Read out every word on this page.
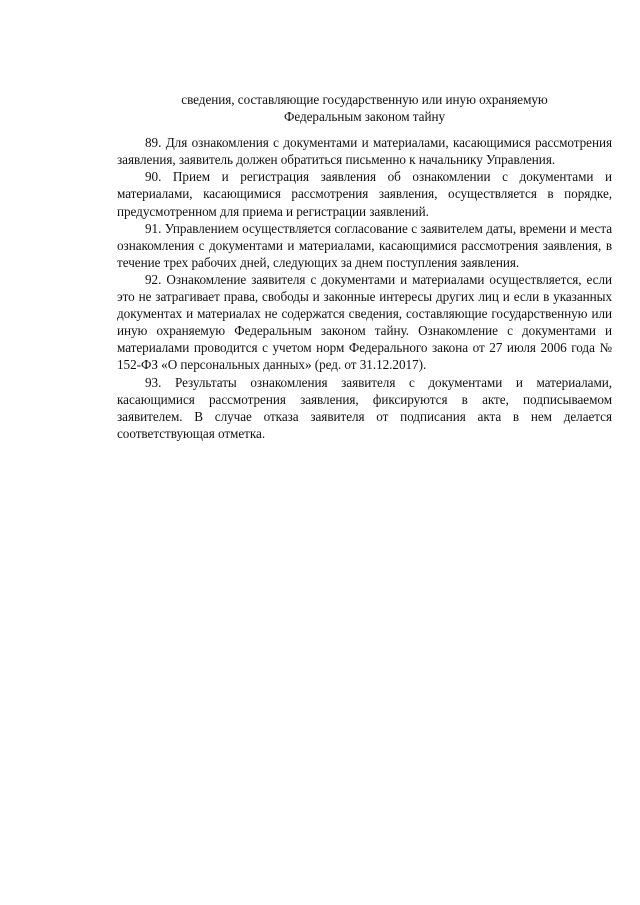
сведения, составляющие государственную или иную охраняемую
Федеральным законом тайну

89. Для ознакомления с документами и материалами, касающимися рассмотрения заявления, заявитель должен обратиться письменно к начальнику Управления.

90. Прием и регистрация заявления об ознакомлении с документами и материалами, касающимися рассмотрения заявления, осуществляется в порядке, предусмотренном для приема и регистрации заявлений.

91. Управлением осуществляется согласование с заявителем даты, времени и места ознакомления с документами и материалами, касающимися рассмотрения заявления, в течение трех рабочих дней, следующих за днем поступления заявления.

92. Ознакомление заявителя с документами и материалами осуществляется, если это не затрагивает права, свободы и законные интересы других лиц и если в указанных документах и материалах не содержатся сведения, составляющие государственную или иную охраняемую Федеральным законом тайну. Ознакомление с документами и материалами проводится с учетом норм Федерального закона от 27 июля 2006 года № 152-ФЗ «О персональных данных» (ред. от 31.12.2017).

93. Результаты ознакомления заявителя с документами и материалами, касающимися рассмотрения заявления, фиксируются в акте, подписываемом заявителем. В случае отказа заявителя от подписания акта в нем делается соответствующая отметка.
